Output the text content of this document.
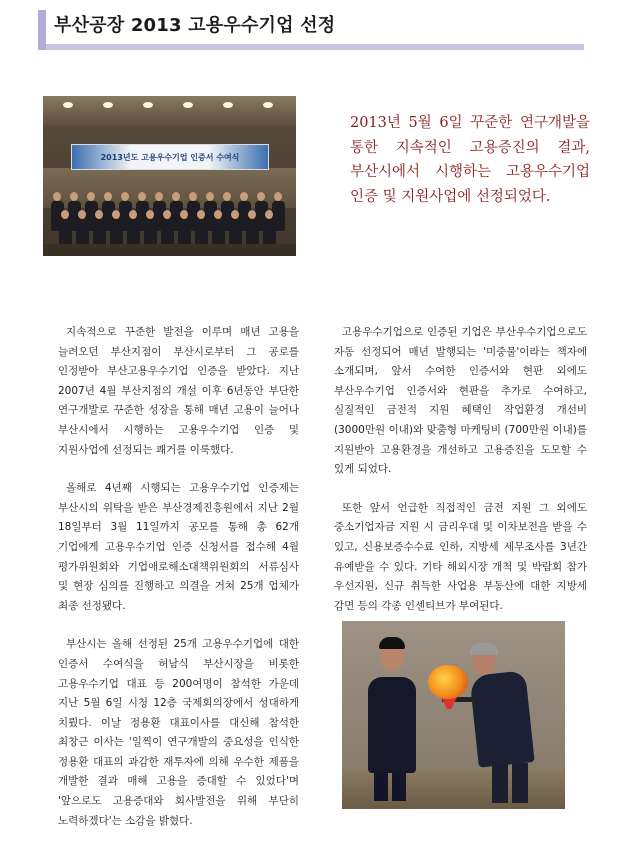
부산공장 2013 고용우수기업 선정
2013년도 고용우수기업 인증서 수여식
2013년 5월 6일 꾸준한 연구개발을 통한 지속적인 고용증진의 결과, 부산시에서 시행하는 고용우수기업 인증 및 지원사업에 선정되었다.

지속적으로 꾸준한 발전을 이루며 매년 고용을 늘려오던 부산지점이 부산시로부터 그 공로를 인정받아 부산고용우수기업 인증을 받았다. 지난 2007년 4월 부산지점의 개설 이후 6년동안 부단한 연구개발로 꾸준한 성장을 통해 매년 고용이 늘어나 부산시에서 시행하는 고용우수기업 인증 및 지원사업에 선정되는 쾌거를 이룩했다.

올해로 4년째 시행되는 고용우수기업 인증제는 부산시의 위탁을 받은 부산경제진흥원에서 지난 2월 18일부터 3월 11일까지 공모를 통해 총 62개 기업에게 고용우수기업 인증 신청서를 접수해 4월 평가위원회와 기업애로해소대책위원회의 서류심사 및 현장 심의를 진행하고 의결을 거쳐 25개 업체가 최종 선정됐다.

부산시는 올해 선정된 25개 고용우수기업에 대한 인증서 수여식을 허남식 부산시장을 비롯한 고용우수기업 대표 등 200여명이 참석한 가운데 지난 5월 6일 시청 12층 국제회의장에서 성대하게 치뤘다. 이날 정용환 대표이사를 대신해 참석한 최창근 이사는 '일찍이 연구개발의 중요성을 인식한 정용환 대표의 과감한 재투자에 의해 우수한 제품을 개발한 결과 매해 고용을 증대할 수 있었다'며 '앞으로도 고용증대와 회사발전을 위해 부단히 노력하겠다'는 소감을 밝혔다.

고용우수기업으로 인증된 기업은 부산우수기업으로도 자동 선정되어 매년 발행되는 '미중물'이라는 책자에 소개되며, 앞서 수여한 인증서와 현판 외에도 부산우수기업 인증서와 현판을 추가로 수여하고, 실질적인 금전적 지원 혜택인 작업환경 개선비 (3000만원 이내)와 맞춤형 마케팅비 (700만원 이내)를 지원받아 고용환경을 개선하고 고용증진을 도모할 수 있게 되었다.

또한 앞서 언급한 직접적인 금전 지원 그 외에도 중소기업자금 지원 시 금리우대 및 이차보전을 받을 수 있고, 신용보증수수료 인하, 지방세 세무조사를 3년간 유예받을 수 있다. 기타 해외시장 개척 및 박람회 참가 우선지원, 신규 취득한 사업용 부동산에 대한 지방세 감면 등의 각종 인센티브가 부여된다.
